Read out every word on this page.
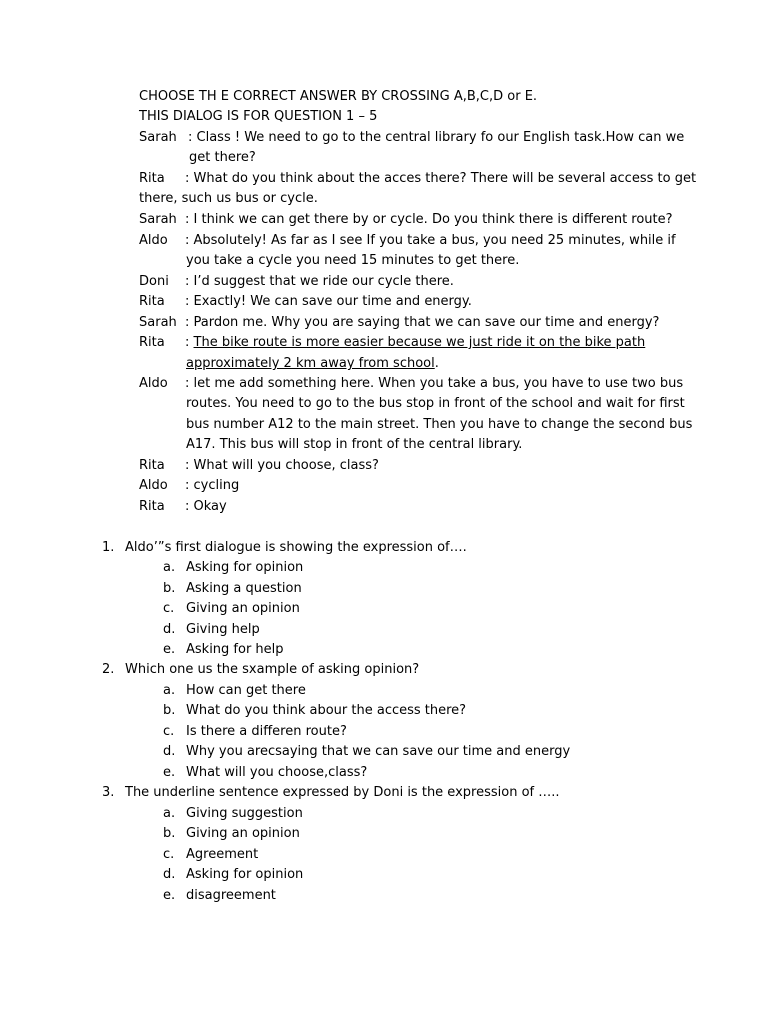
CHOOSE TH E CORRECT ANSWER BY CROSSING A,B,C,D or E.
THIS DIALOG IS FOR QUESTION 1 – 5
Sarah : Class ! We need to go to the central library fo our English task.How can we
get there?
Rita : What do you think about the acces there? There will be several access to get
there, such us bus or cycle.
Sarah : I think we can get there by or cycle. Do you think there is different route?
Aldo : Absolutely! As far as I see If you take a bus, you need 25 minutes, while if
you take a cycle you need 15 minutes to get there.
Doni : I’d suggest that we ride our cycle there.
Rita : Exactly! We can save our time and energy.
Sarah : Pardon me. Why you are saying that we can save our time and energy?
Rita : The bike route is more easier because we just ride it on the bike path
approximately 2 km away from school.
Aldo : let me add something here. When you take a bus, you have to use two bus
routes. You need to go to the bus stop in front of the school and wait for first
bus number A12 to the main street. Then you have to change the second bus
A17. This bus will stop in front of the central library.
Rita : What will you choose, class?
Aldo : cycling
Rita : Okay
1. Aldo’”s first dialogue is showing the expression of….
a. Asking for opinion
b. Asking a question
c. Giving an opinion
d. Giving help
e. Asking for help
2. Which one us the sxample of asking opinion?
a. How can get there
b. What do you think abour the access there?
c. Is there a differen route?
d. Why you arecsaying that we can save our time and energy
e. What will you choose,class?
3. The underline sentence expressed by Doni is the expression of …..
a. Giving suggestion
b. Giving an opinion
c. Agreement
d. Asking for opinion
e. disagreement
